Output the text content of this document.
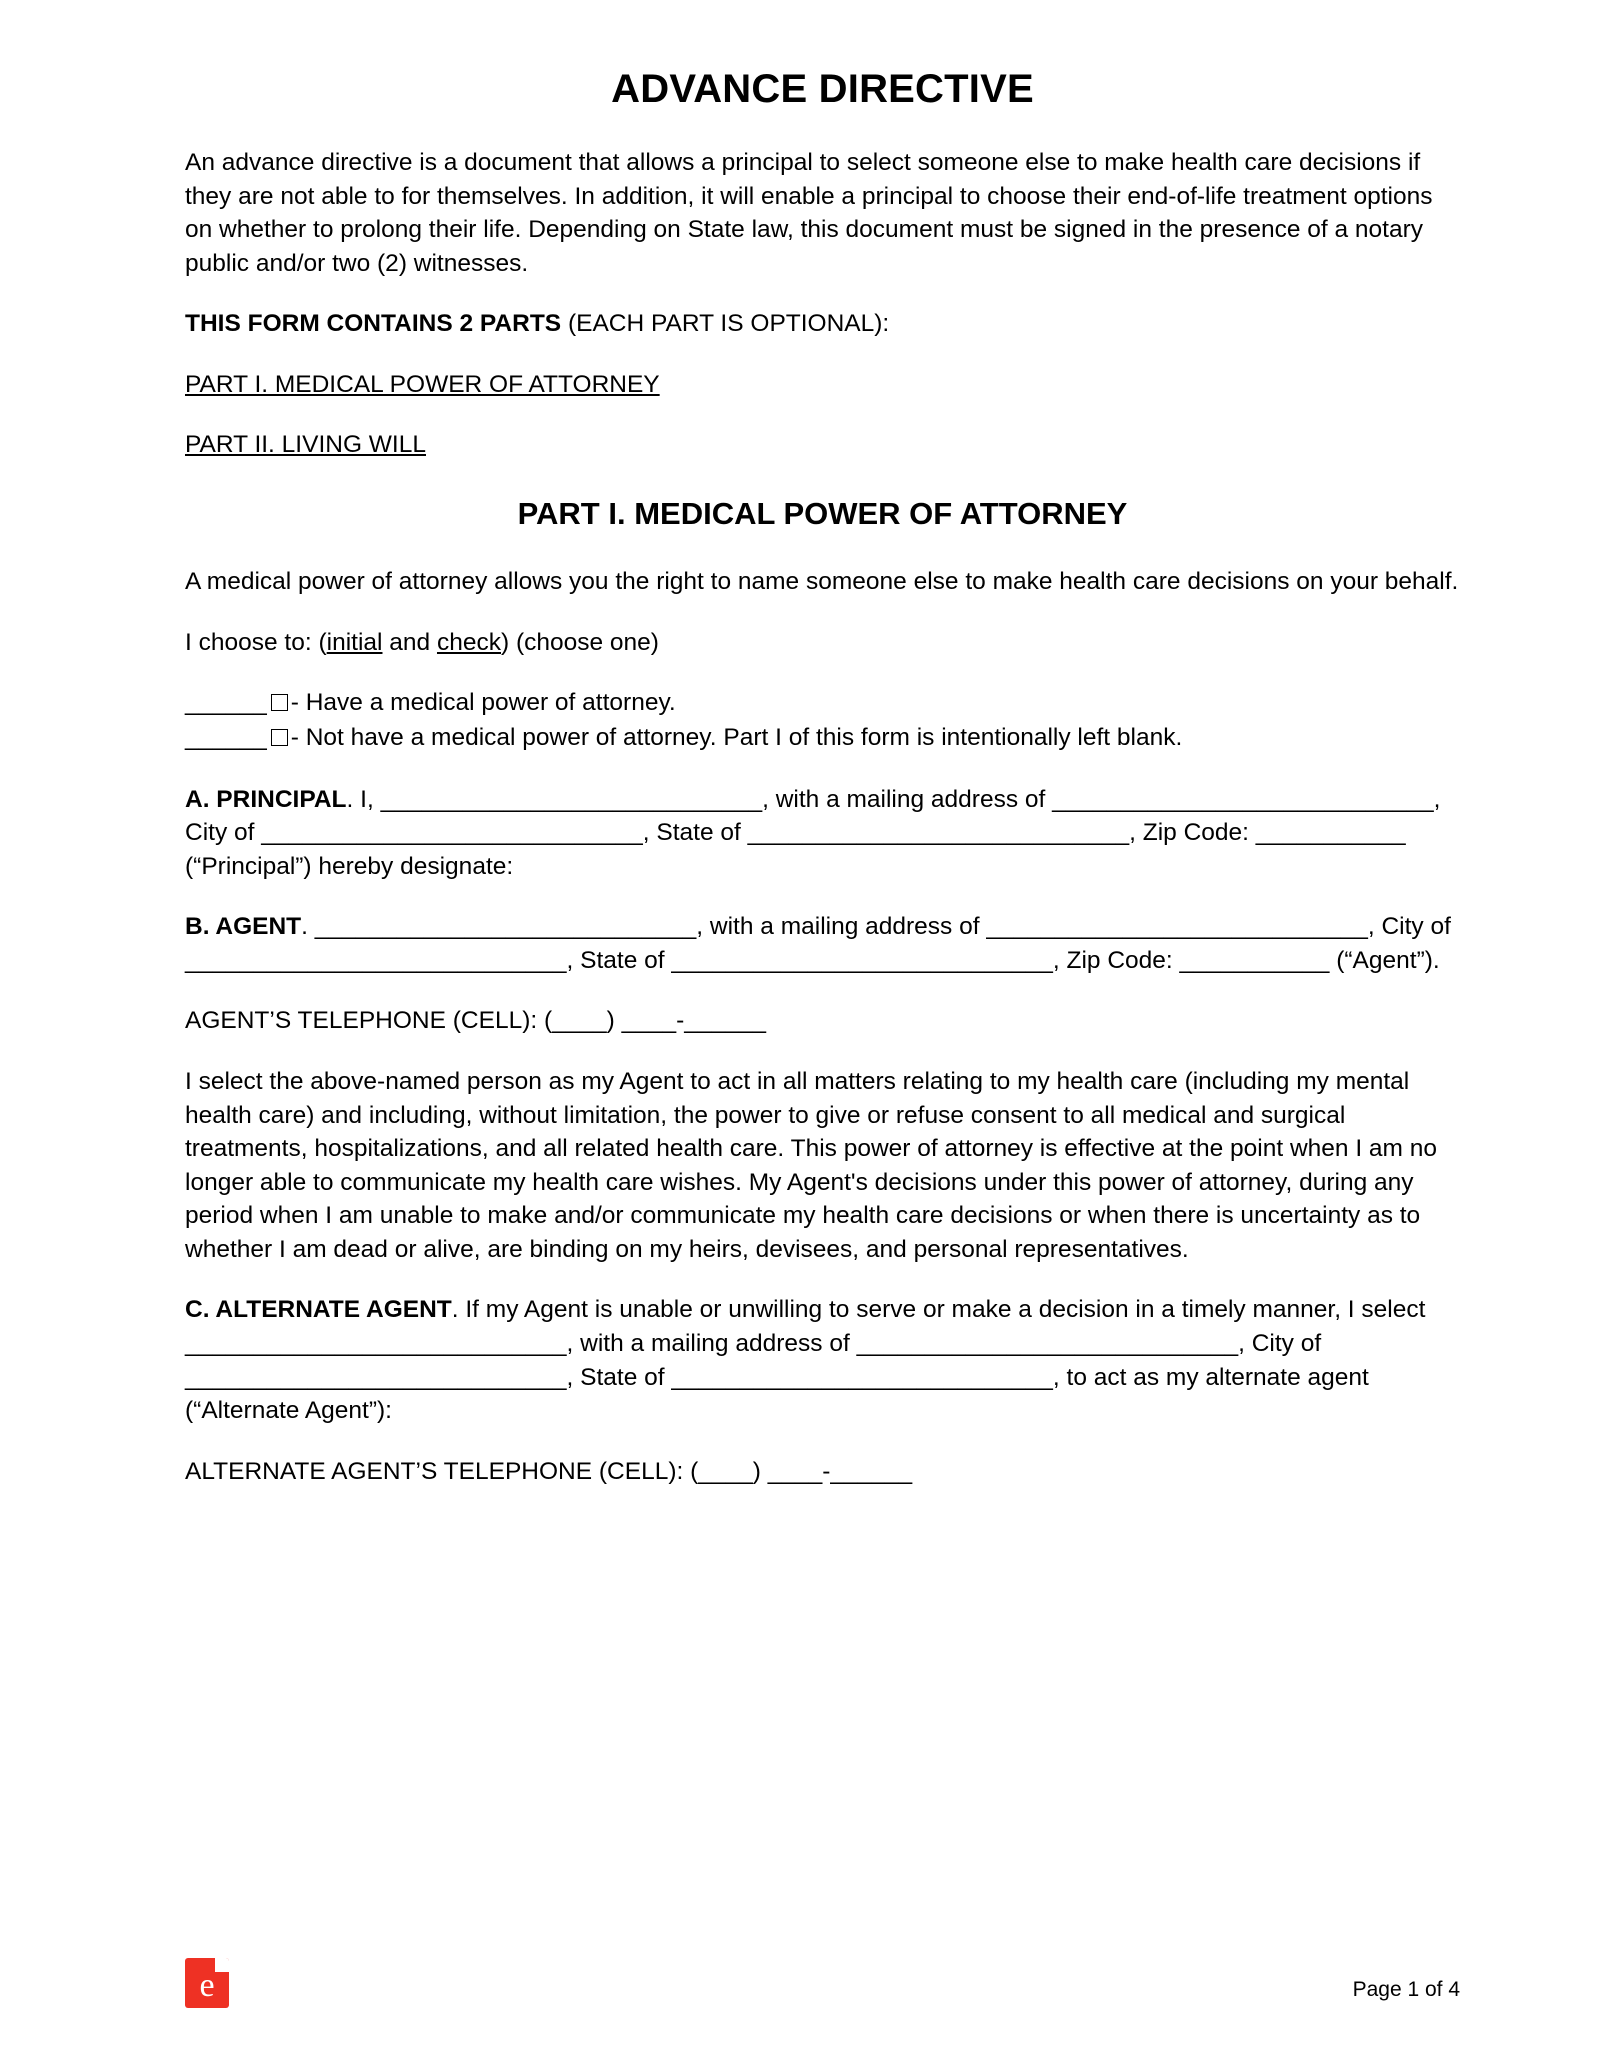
ADVANCE DIRECTIVE

An advance directive is a document that allows a principal to select someone else to make health care decisions if they are not able to for themselves. In addition, it will enable a principal to choose their end-of-life treatment options on whether to prolong their life. Depending on State law, this document must be signed in the presence of a notary public and/or two (2) witnesses.

THIS FORM CONTAINS 2 PARTS (EACH PART IS OPTIONAL):

PART I. MEDICAL POWER OF ATTORNEY

PART II. LIVING WILL

PART I. MEDICAL POWER OF ATTORNEY

A medical power of attorney allows you the right to name someone else to make health care decisions on your behalf.

I choose to: (initial and check) (choose one)

______ - Have a medical power of attorney.

______ - Not have a medical power of attorney. Part I of this form is intentionally left blank.

A. PRINCIPAL. I, ____________________________, with a mailing address of ____________________________, City of ____________________________, State of ____________________________, Zip Code: ___________ (“Principal”) hereby designate:

B. AGENT. ____________________________, with a mailing address of ____________________________, City of ____________________________, State of ____________________________, Zip Code: ___________ (“Agent”).

AGENT’S TELEPHONE (CELL): (____) ____-______

I select the above-named person as my Agent to act in all matters relating to my health care (including my mental health care) and including, without limitation, the power to give or refuse consent to all medical and surgical treatments, hospitalizations, and all related health care. This power of attorney is effective at the point when I am no longer able to communicate my health care wishes. My Agent's decisions under this power of attorney, during any period when I am unable to make and/or communicate my health care decisions or when there is uncertainty as to whether I am dead or alive, are binding on my heirs, devisees, and personal representatives.

C. ALTERNATE AGENT. If my Agent is unable or unwilling to serve or make a decision in a timely manner, I select ____________________________, with a mailing address of ____________________________, City of ____________________________, State of ____________________________, to act as my alternate agent (“Alternate Agent”):

ALTERNATE AGENT’S TELEPHONE (CELL): (____) ____-______

e	Page 1 of 4
